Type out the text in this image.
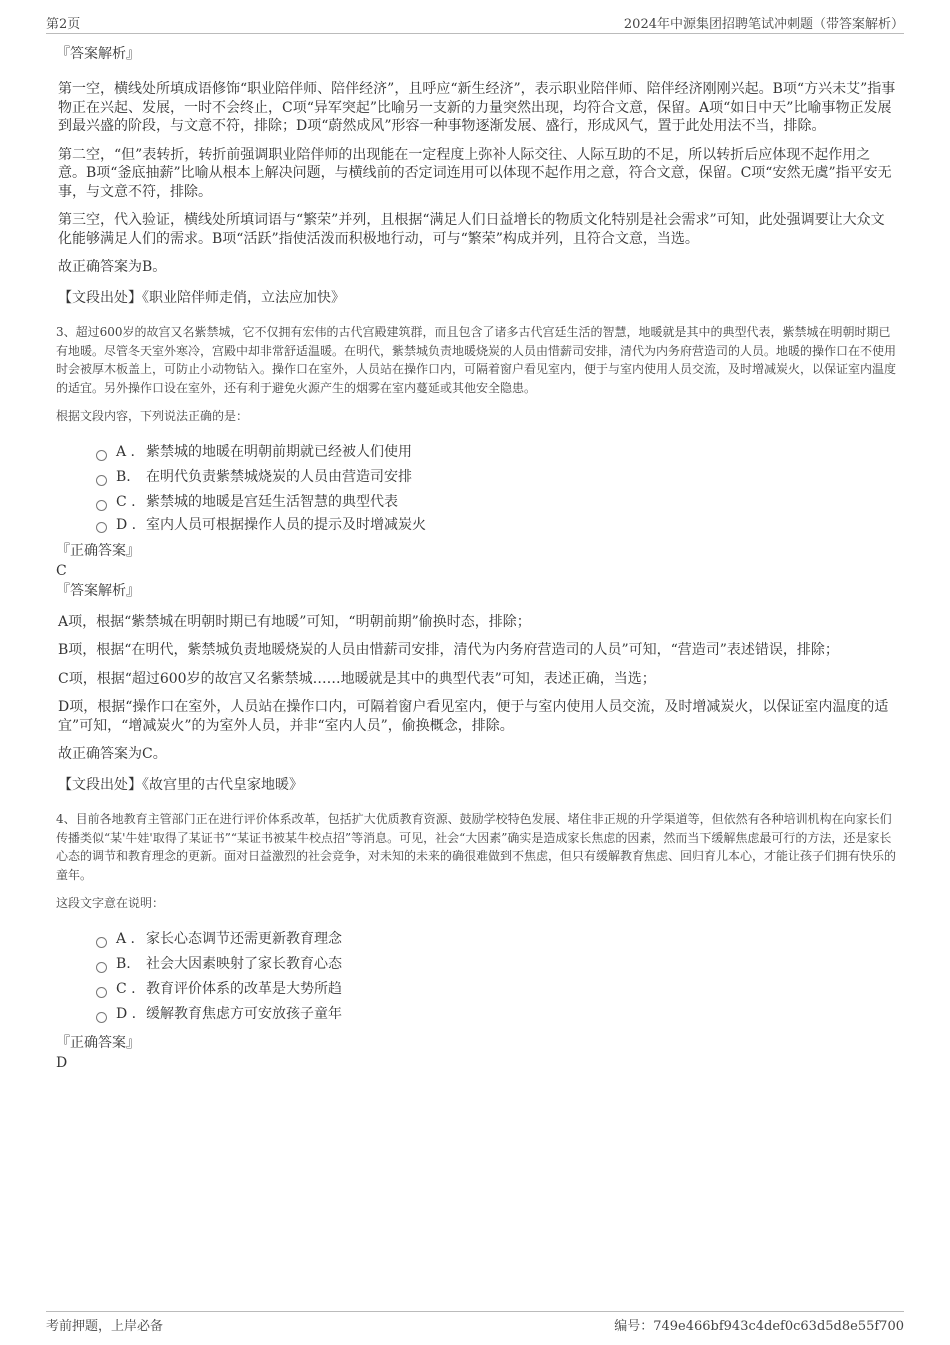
第2页	2024年中源集团招聘笔试冲刺题（带答案解析）

『答案解析』

第一空，横线处所填成语修饰“职业陪伴师、陪伴经济”，且呼应“新生经济”，表示职业陪伴师、陪伴经济刚刚兴起。B项“方兴未艾”指事物正在兴起、发展，一时不会终止，C项“异军突起”比喻另一支新的力量突然出现，均符合文意，保留。A项“如日中天”比喻事物正发展到最兴盛的阶段，与文意不符，排除；D项“蔚然成风”形容一种事物逐渐发展、盛行，形成风气，置于此处用法不当，排除。

第二空，“但”表转折，转折前强调职业陪伴师的出现能在一定程度上弥补人际交往、人际互助的不足，所以转折后应体现不起作用之意。B项“釜底抽薪”比喻从根本上解决问题，与横线前的否定词连用可以体现不起作用之意，符合文意，保留。C项“安然无虞”指平安无事，与文意不符，排除。

第三空，代入验证，横线处所填词语与“繁荣”并列，且根据“满足人们日益增长的物质文化特别是社会需求”可知，此处强调要让大众文化能够满足人们的需求。B项“活跃”指使活泼而积极地行动，可与“繁荣”构成并列，且符合文意，当选。

故正确答案为B。

【文段出处】《职业陪伴师走俏，立法应加快》

3、超过600岁的故宫又名紫禁城，它不仅拥有宏伟的古代宫殿建筑群，而且包含了诸多古代宫廷生活的智慧，地暖就是其中的典型代表，紫禁城在明朝时期已有地暖。尽管冬天室外寒冷，宫殿中却非常舒适温暖。在明代，紫禁城负责地暖烧炭的人员由惜薪司安排，清代为内务府营造司的人员。地暖的操作口在不使用时会被厚木板盖上，可防止小动物钻入。操作口在室外，人员站在操作口内，可隔着窗户看见室内，便于与室内使用人员交流，及时增减炭火，以保证室内温度的适宜。另外操作口设在室外，还有利于避免火源产生的烟雾在室内蔓延或其他安全隐患。

根据文段内容，下列说法正确的是：

A . 紫禁城的地暖在明朝前期就已经被人们使用
B.	在明代负责紫禁城烧炭的人员由营造司安排
C . 紫禁城的地暖是宫廷生活智慧的典型代表
D . 室内人员可根据操作人员的提示及时增减炭火

『正确答案』

C

『答案解析』

A项，根据“紫禁城在明朝时期已有地暖”可知，“明朝前期”偷换时态，排除；

B项，根据“在明代，紫禁城负责地暖烧炭的人员由惜薪司安排，清代为内务府营造司的人员”可知，“营造司”表述错误，排除；

C项，根据“超过600岁的故宫又名紫禁城……地暖就是其中的典型代表”可知，表述正确，当选；

D项，根据“操作口在室外，人员站在操作口内，可隔着窗户看见室内，便于与室内使用人员交流，及时增减炭火，以保证室内温度的适宜”可知，“增减炭火”的为室外人员，并非“室内人员”，偷换概念，排除。

故正确答案为C。

【文段出处】《故宫里的古代皇家地暖》

4、目前各地教育主管部门正在进行评价体系改革，包括扩大优质教育资源、鼓励学校特色发展、堵住非正规的升学渠道等，但依然有各种培训机构在向家长们传播类似“某'牛娃'取得了某证书”“某证书被某牛校点招”等消息。可见，社会“大因素”确实是造成家长焦虑的因素，然而当下缓解焦虑最可行的方法，还是家长心态的调节和教育理念的更新。面对日益激烈的社会竞争，对未知的未来的确很难做到不焦虑，但只有缓解教育焦虑、回归育儿本心，才能让孩子们拥有快乐的童年。

这段文字意在说明：

A . 家长心态调节还需更新教育理念
B.	社会大因素映射了家长教育心态
C . 教育评价体系的改革是大势所趋
D . 缓解教育焦虑方可安放孩子童年

『正确答案』

D

考前押题，上岸必备	编号：749e466bf943c4def0c63d5d8e55f700
